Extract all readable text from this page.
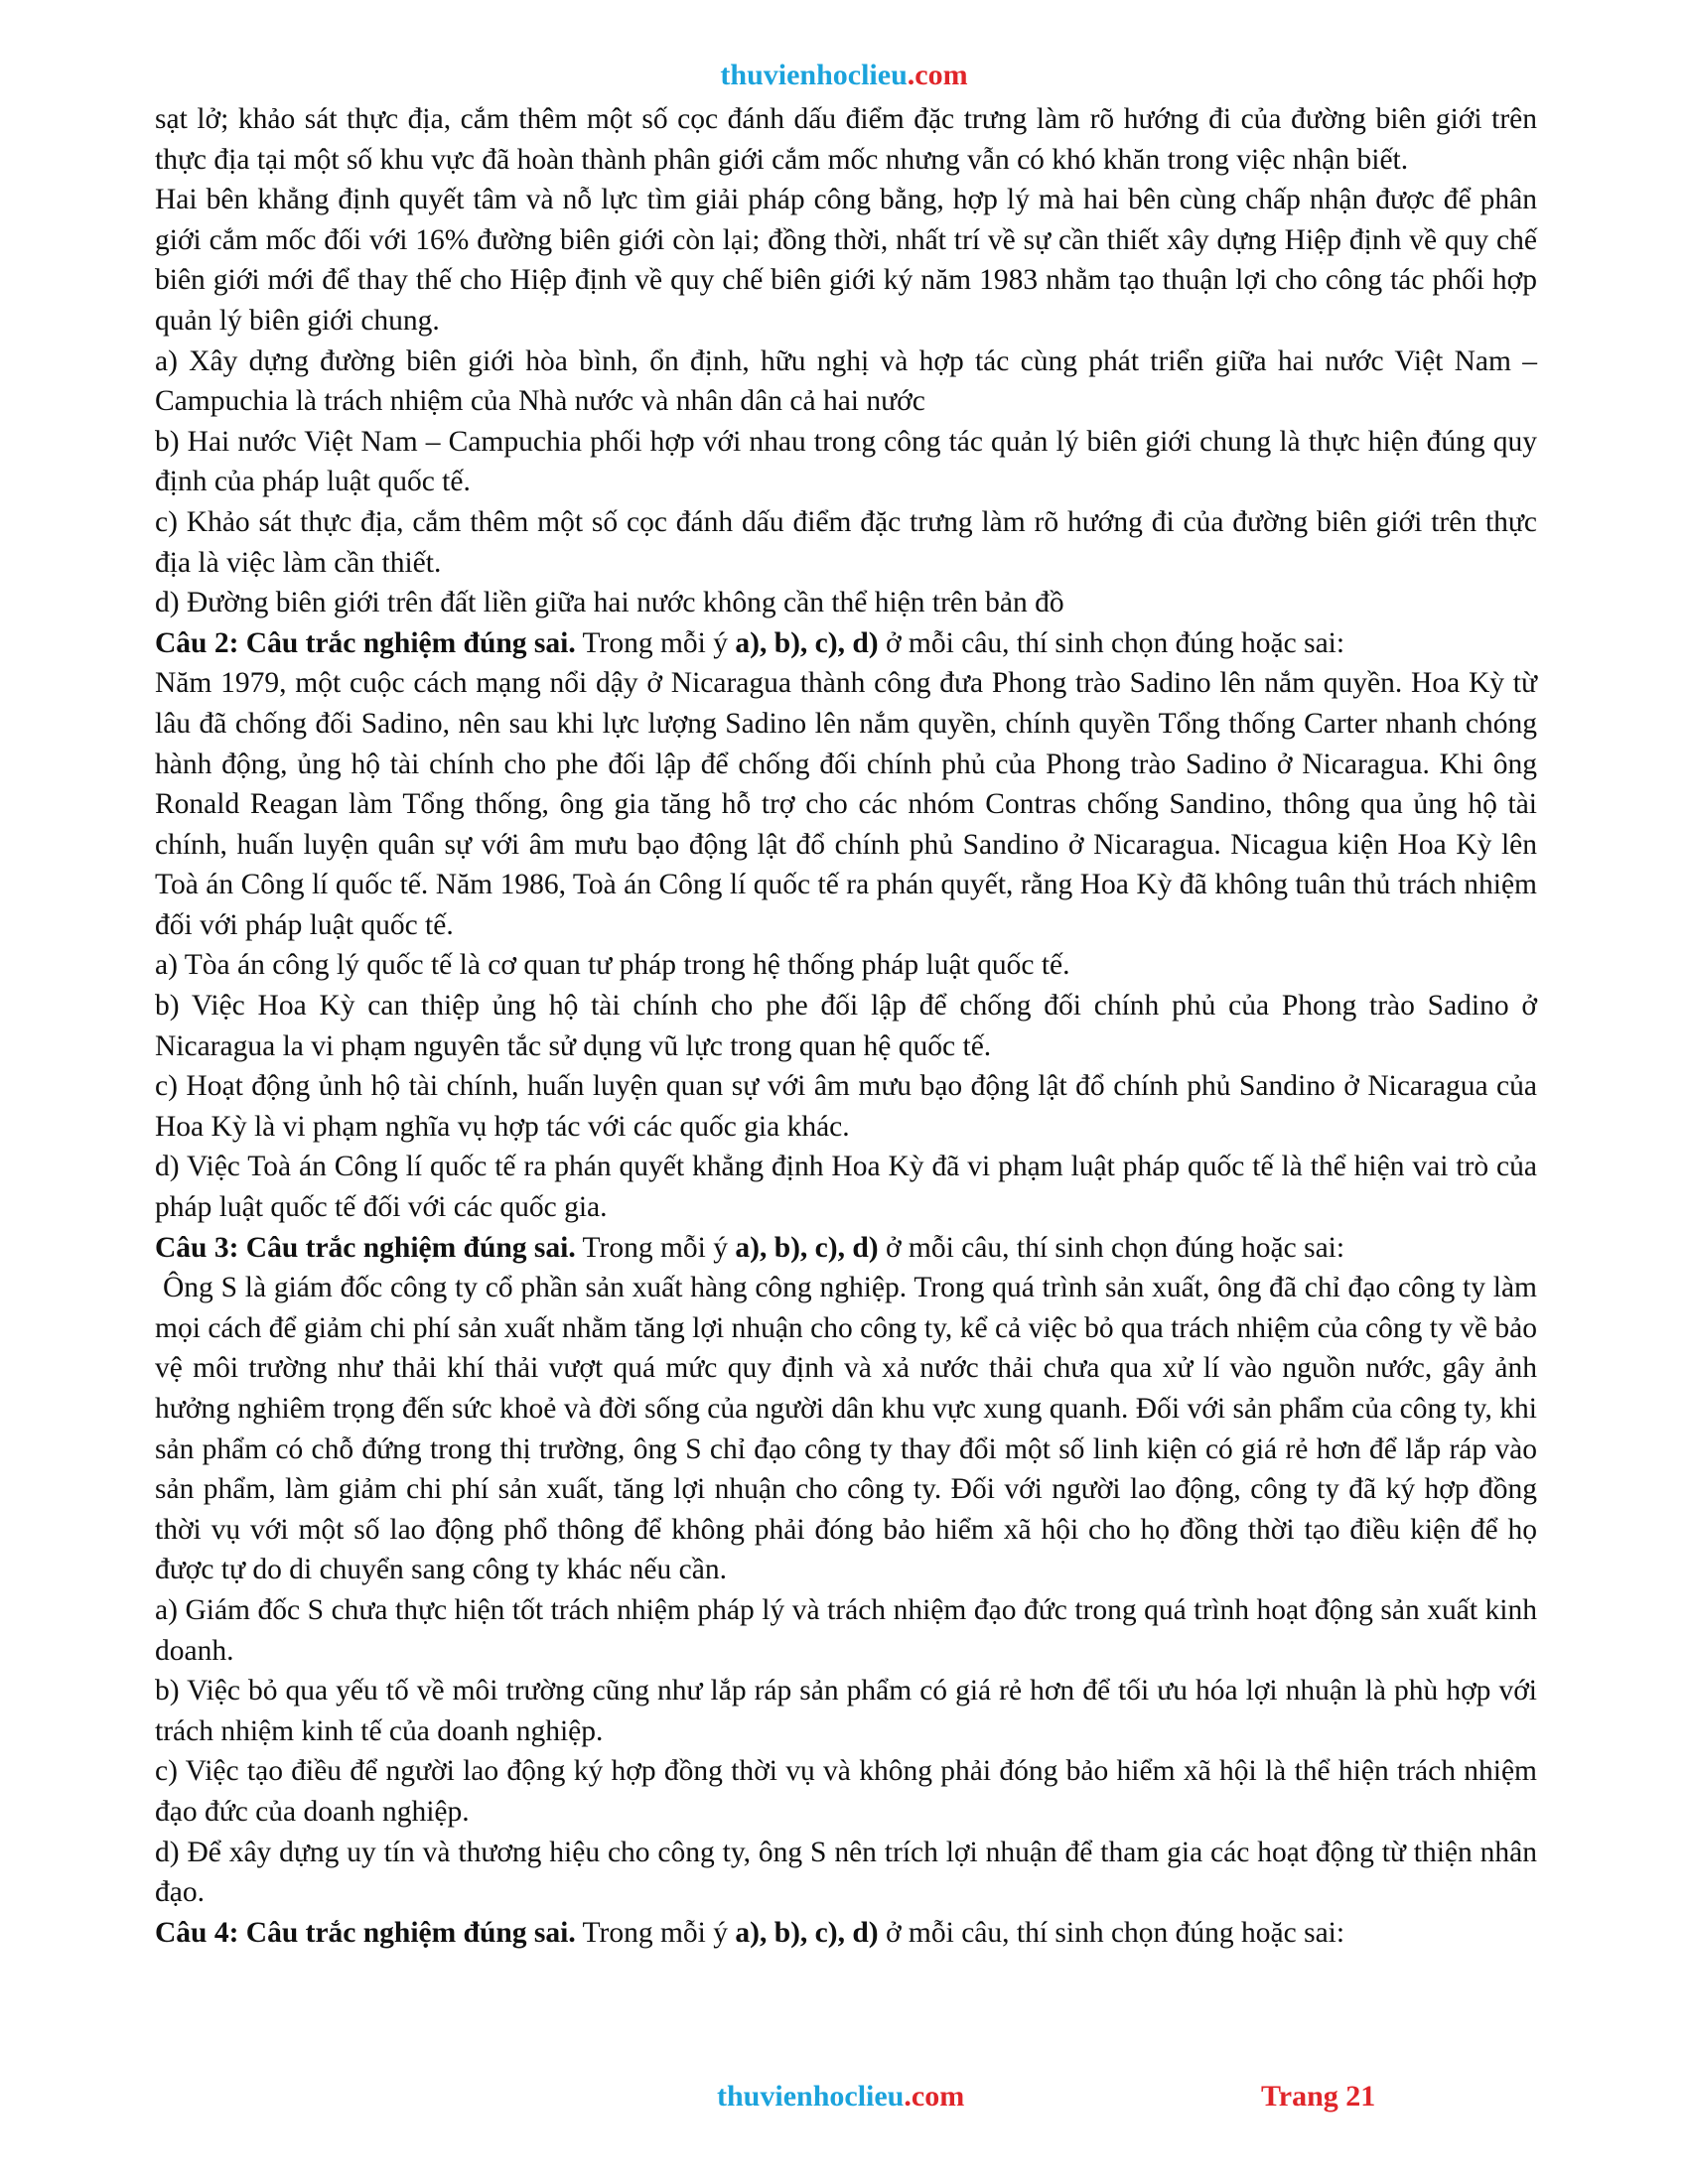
thuvienhoclieu.com

sạt lở; khảo sát thực địa, cắm thêm một số cọc đánh dấu điểm đặc trưng làm rõ hướng đi của đường biên giới trên thực địa tại một số khu vực đã hoàn thành phân giới cắm mốc nhưng vẫn có khó khăn trong việc nhận biết.

Hai bên khẳng định quyết tâm và nỗ lực tìm giải pháp công bằng, hợp lý mà hai bên cùng chấp nhận được để phân giới cắm mốc đối với 16% đường biên giới còn lại; đồng thời, nhất trí về sự cần thiết xây dựng Hiệp định về quy chế biên giới mới để thay thế cho Hiệp định về quy chế biên giới ký năm 1983 nhằm tạo thuận lợi cho công tác phối hợp quản lý biên giới chung.

a) Xây dựng đường biên giới hòa bình, ổn định, hữu nghị và hợp tác cùng phát triển giữa hai nước Việt Nam – Campuchia là trách nhiệm của Nhà nước và nhân dân cả hai nước

b) Hai nước Việt Nam – Campuchia phối hợp với nhau trong công tác quản lý biên giới chung là thực hiện đúng quy định của pháp luật quốc tế.

c) Khảo sát thực địa, cắm thêm một số cọc đánh dấu điểm đặc trưng làm rõ hướng đi của đường biên giới trên thực địa là việc làm cần thiết.

d) Đường biên giới trên đất liền giữa hai nước không cần thể hiện trên bản đồ

Câu 2: Câu trắc nghiệm đúng sai. Trong mỗi ý a), b), c), d) ở mỗi câu, thí sinh chọn đúng hoặc sai:

Năm 1979, một cuộc cách mạng nổi dậy ở Nicaragua thành công đưa Phong trào Sadino lên nắm quyền. Hoa Kỳ từ lâu đã chống đối Sadino, nên sau khi lực lượng Sadino lên nắm quyền, chính quyền Tổng thống Carter nhanh chóng hành động, ủng hộ tài chính cho phe đối lập để chống đối chính phủ của Phong trào Sadino ở Nicaragua. Khi ông Ronald Reagan làm Tổng thống, ông gia tăng hỗ trợ cho các nhóm Contras chống Sandino, thông qua ủng hộ tài chính, huấn luyện quân sự với âm mưu bạo động lật đổ chính phủ Sandino ở Nicaragua. Nicagua kiện Hoa Kỳ lên Toà án Công lí quốc tế. Năm 1986, Toà án Công lí quốc tế ra phán quyết, rằng Hoa Kỳ đã không tuân thủ trách nhiệm đối với pháp luật quốc tế.

a) Tòa án công lý quốc tế là cơ quan tư pháp trong hệ thống pháp luật quốc tế.

b) Việc Hoa Kỳ can thiệp ủng hộ tài chính cho phe đối lập để chống đối chính phủ của Phong trào Sadino ở Nicaragua la vi phạm nguyên tắc sử dụng vũ lực trong quan hệ quốc tế.

c) Hoạt động ủnh hộ tài chính, huấn luyện quan sự với âm mưu bạo động lật đổ chính phủ Sandino ở Nicaragua của Hoa Kỳ là vi phạm nghĩa vụ hợp tác với các quốc gia khác.

d) Việc Toà án Công lí quốc tế ra phán quyết khẳng định Hoa Kỳ đã vi phạm luật pháp quốc tế là thể hiện vai trò của pháp luật quốc tế đối với các quốc gia.

Câu 3: Câu trắc nghiệm đúng sai. Trong mỗi ý a), b), c), d) ở mỗi câu, thí sinh chọn đúng hoặc sai:

Ông S là giám đốc công ty cổ phần sản xuất hàng công nghiệp. Trong quá trình sản xuất, ông đã chỉ đạo công ty làm mọi cách để giảm chi phí sản xuất nhằm tăng lợi nhuận cho công ty, kể cả việc bỏ qua trách nhiệm của công ty về bảo vệ môi trường như thải khí thải vượt quá mức quy định và xả nước thải chưa qua xử lí vào nguồn nước, gây ảnh hưởng nghiêm trọng đến sức khoẻ và đời sống của người dân khu vực xung quanh. Đối với sản phẩm của công ty, khi sản phẩm có chỗ đứng trong thị trường, ông S chỉ đạo công ty thay đổi một số linh kiện có giá rẻ hơn để lắp ráp vào sản phẩm, làm giảm chi phí sản xuất, tăng lợi nhuận cho công ty. Đối với người lao động, công ty đã ký hợp đồng thời vụ với một số lao động phổ thông để không phải đóng bảo hiểm xã hội cho họ đồng thời tạo điều kiện để họ được tự do di chuyển sang công ty khác nếu cần.

a) Giám đốc S chưa thực hiện tốt trách nhiệm pháp lý và trách nhiệm đạo đức trong quá trình hoạt động sản xuất kinh doanh.

b) Việc bỏ qua yếu tố về môi trường cũng như lắp ráp sản phẩm có giá rẻ hơn để tối ưu hóa lợi nhuận là phù hợp với trách nhiệm kinh tế của doanh nghiệp.

c) Việc tạo điều để người lao động ký hợp đồng thời vụ và không phải đóng bảo hiểm xã hội là thể hiện trách nhiệm đạo đức của doanh nghiệp.

d) Để xây dựng uy tín và thương hiệu cho công ty, ông S nên trích lợi nhuận để tham gia các hoạt động từ thiện nhân đạo.

Câu 4: Câu trắc nghiệm đúng sai. Trong mỗi ý a), b), c), d) ở mỗi câu, thí sinh chọn đúng hoặc sai:

thuvienhoclieu.com	Trang 21
